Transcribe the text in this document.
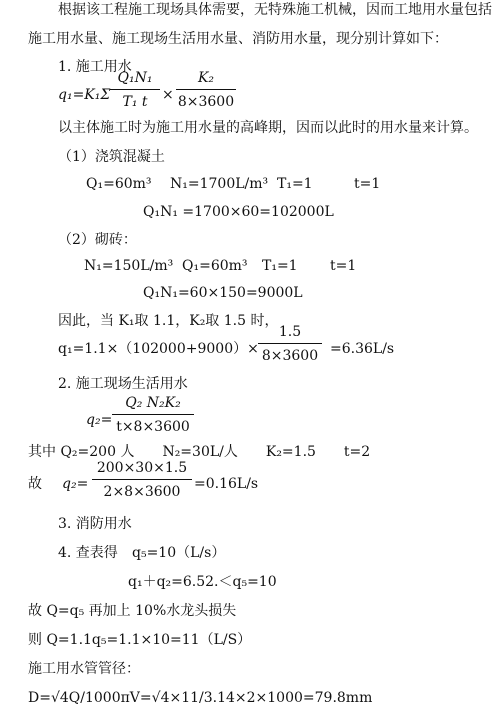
根据该工程施工现场具体需要，无特殊施工机械，因而工地用水量包括
施工用水量、施工现场生活用水量、消防用水量，现分别计算如下：
1. 施工用水
q₁=K₁Σ
Q₁N₁
T₁ t	×
K₂
8×3600
以主体施工时为施工用水量的高峰期，因而以此时的用水量来计算。
（1）浇筑混凝土
Q₁=60m³ N₁=1700L/m³ T₁=1	t=1
Q₁N₁ =1700×60=102000L
（2）砌砖：
N₁=150L/m³ Q₁=60m³ T₁=1 t=1
Q₁N₁=60×150=9000L
因此，当 K₁取 1.1，K₂取 1.5 时，
q₁=1.1×（102000+9000）×
1.5
8×3600 =6.36L/s
2. 施工现场生活用水
q₂=
Q₂ N₂K₂
t×8×3600
其中 Q₂=200 人　　N₂=30L/人　　K₂=1.5　　t=2
故 q₂=
200×30×1.5
2×8×3600 =0.16L/s
3. 消防用水
4. 查表得 q₅=10（L/s）
q₁＋q₂=6.52.＜q₅=10
故 Q=q₅ 再加上 10%水龙头损失
则 Q=1.1q₅=1.1×10=11（L/S）
施工用水管管径：
D=√4Q/1000πV=√4×11/3.14×2×1000=79.8mm
